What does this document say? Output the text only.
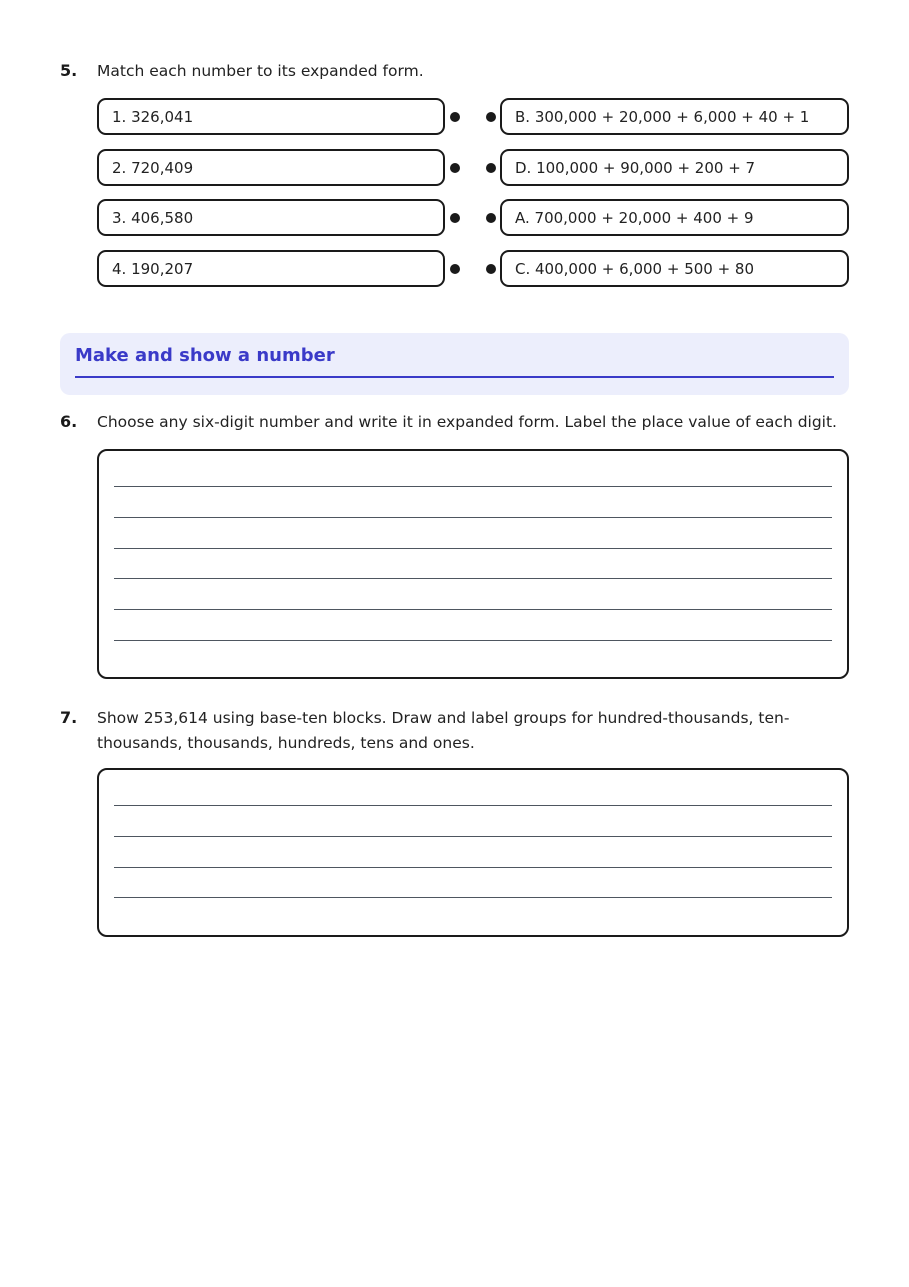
5. Match each number to its expanded form.
1. 326,041
2. 720,409
3. 406,580
4. 190,207
B. 300,000 + 20,000 + 6,000 + 40 + 1
D. 100,000 + 90,000 + 200 + 7
A. 700,000 + 20,000 + 400 + 9
C. 400,000 + 6,000 + 500 + 80
Make and show a number
6. Choose any six-digit number and write it in expanded form. Label the place value of each digit.
7. Show 253,614 using base-ten blocks. Draw and label groups for hundred-thousands, ten-
thousands, thousands, hundreds, tens and ones.
